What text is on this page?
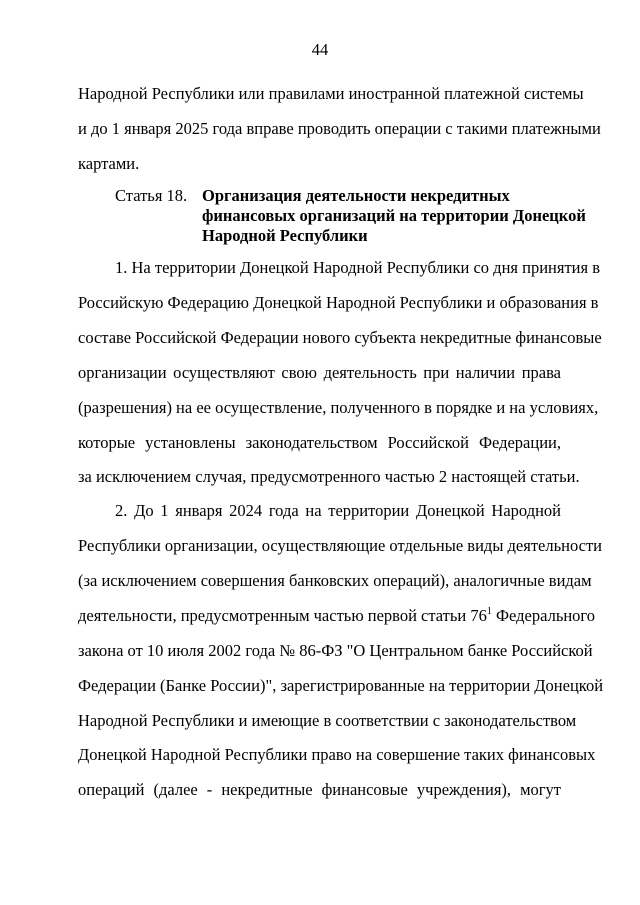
44
Народной Республики или правилами иностранной платежной системы
и до 1 января 2025 года вправе проводить операции с такими платежными
картами.
Статья 18. Организация деятельности некредитных
финансовых организаций на территории Донецкой
Народной Республики
1. На территории Донецкой Народной Республики со дня принятия в
Российскую Федерацию Донецкой Народной Республики и образования в
составе Российской Федерации нового субъекта некредитные финансовые
организации осуществляют свою деятельность при наличии права
(разрешения) на ее осуществление, полученного в порядке и на условиях,
которые установлены законодательством Российской Федерации,
за исключением случая, предусмотренного частью 2 настоящей статьи.
2. До 1 января 2024 года на территории Донецкой Народной
Республики организации, осуществляющие отдельные виды деятельности
(за исключением совершения банковских операций), аналогичные видам
деятельности, предусмотренным частью первой статьи $76^1$ Федерального
закона от 10 июля 2002 года № 86-ФЗ "О Центральном банке Российской
Федерации (Банке России)", зарегистрированные на территории Донецкой
Народной Республики и имеющие в соответствии с законодательством
Донецкой Народной Республики право на совершение таких финансовых
операций (далее - некредитные финансовые учреждения), могут
